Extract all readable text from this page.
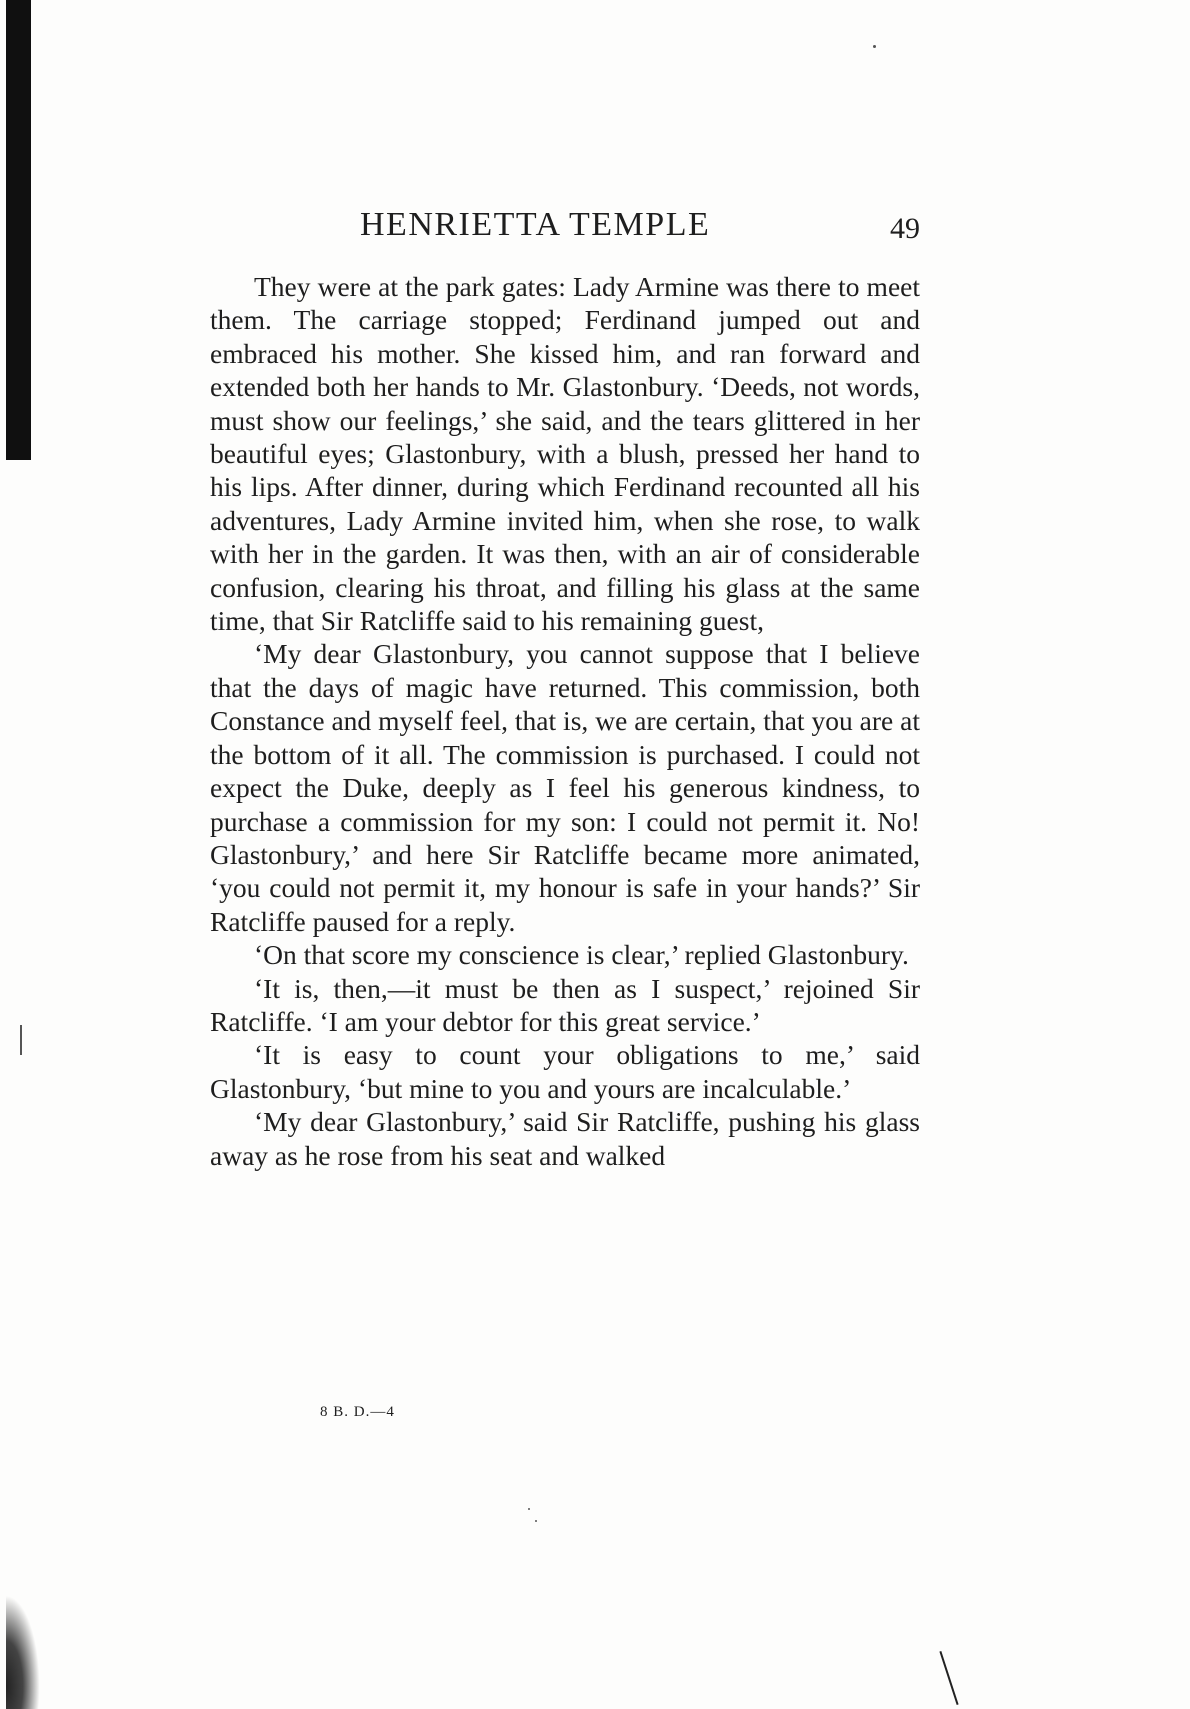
HENRIETTA TEMPLE	49

They were at the park gates: Lady Armine was there to meet them. The carriage stopped; Ferdinand jumped out and embraced his mother. She kissed him, and ran forward and extended both her hands to Mr. Glastonbury. ‘Deeds, not words, must show our feelings,’ she said, and the tears glittered in her beautiful eyes; Glastonbury, with a blush, pressed her hand to his lips. After dinner, during which Ferdinand recounted all his adventures, Lady Armine invited him, when she rose, to walk with her in the garden. It was then, with an air of considerable confusion, clearing his throat, and filling his glass at the same time, that Sir Ratcliffe said to his remaining guest,

‘My dear Glastonbury, you cannot suppose that I believe that the days of magic have returned. This commission, both Constance and myself feel, that is, we are certain, that you are at the bottom of it all. The commission is purchased. I could not expect the Duke, deeply as I feel his generous kindness, to purchase a commission for my son: I could not permit it. No! Glastonbury,’ and here Sir Ratcliffe became more animated, ‘you could not permit it, my honour is safe in your hands?’ Sir Ratcliffe paused for a reply.

‘On that score my conscience is clear,’ replied Glastonbury.

‘It is, then,—it must be then as I suspect,’ rejoined Sir Ratcliffe. ‘I am your debtor for this great service.’

‘It is easy to count your obligations to me,’ said Glastonbury, ‘but mine to you and yours are incalculable.’

‘My dear Glastonbury,’ said Sir Ratcliffe, pushing his glass away as he rose from his seat and walked

8 B. D.—4
